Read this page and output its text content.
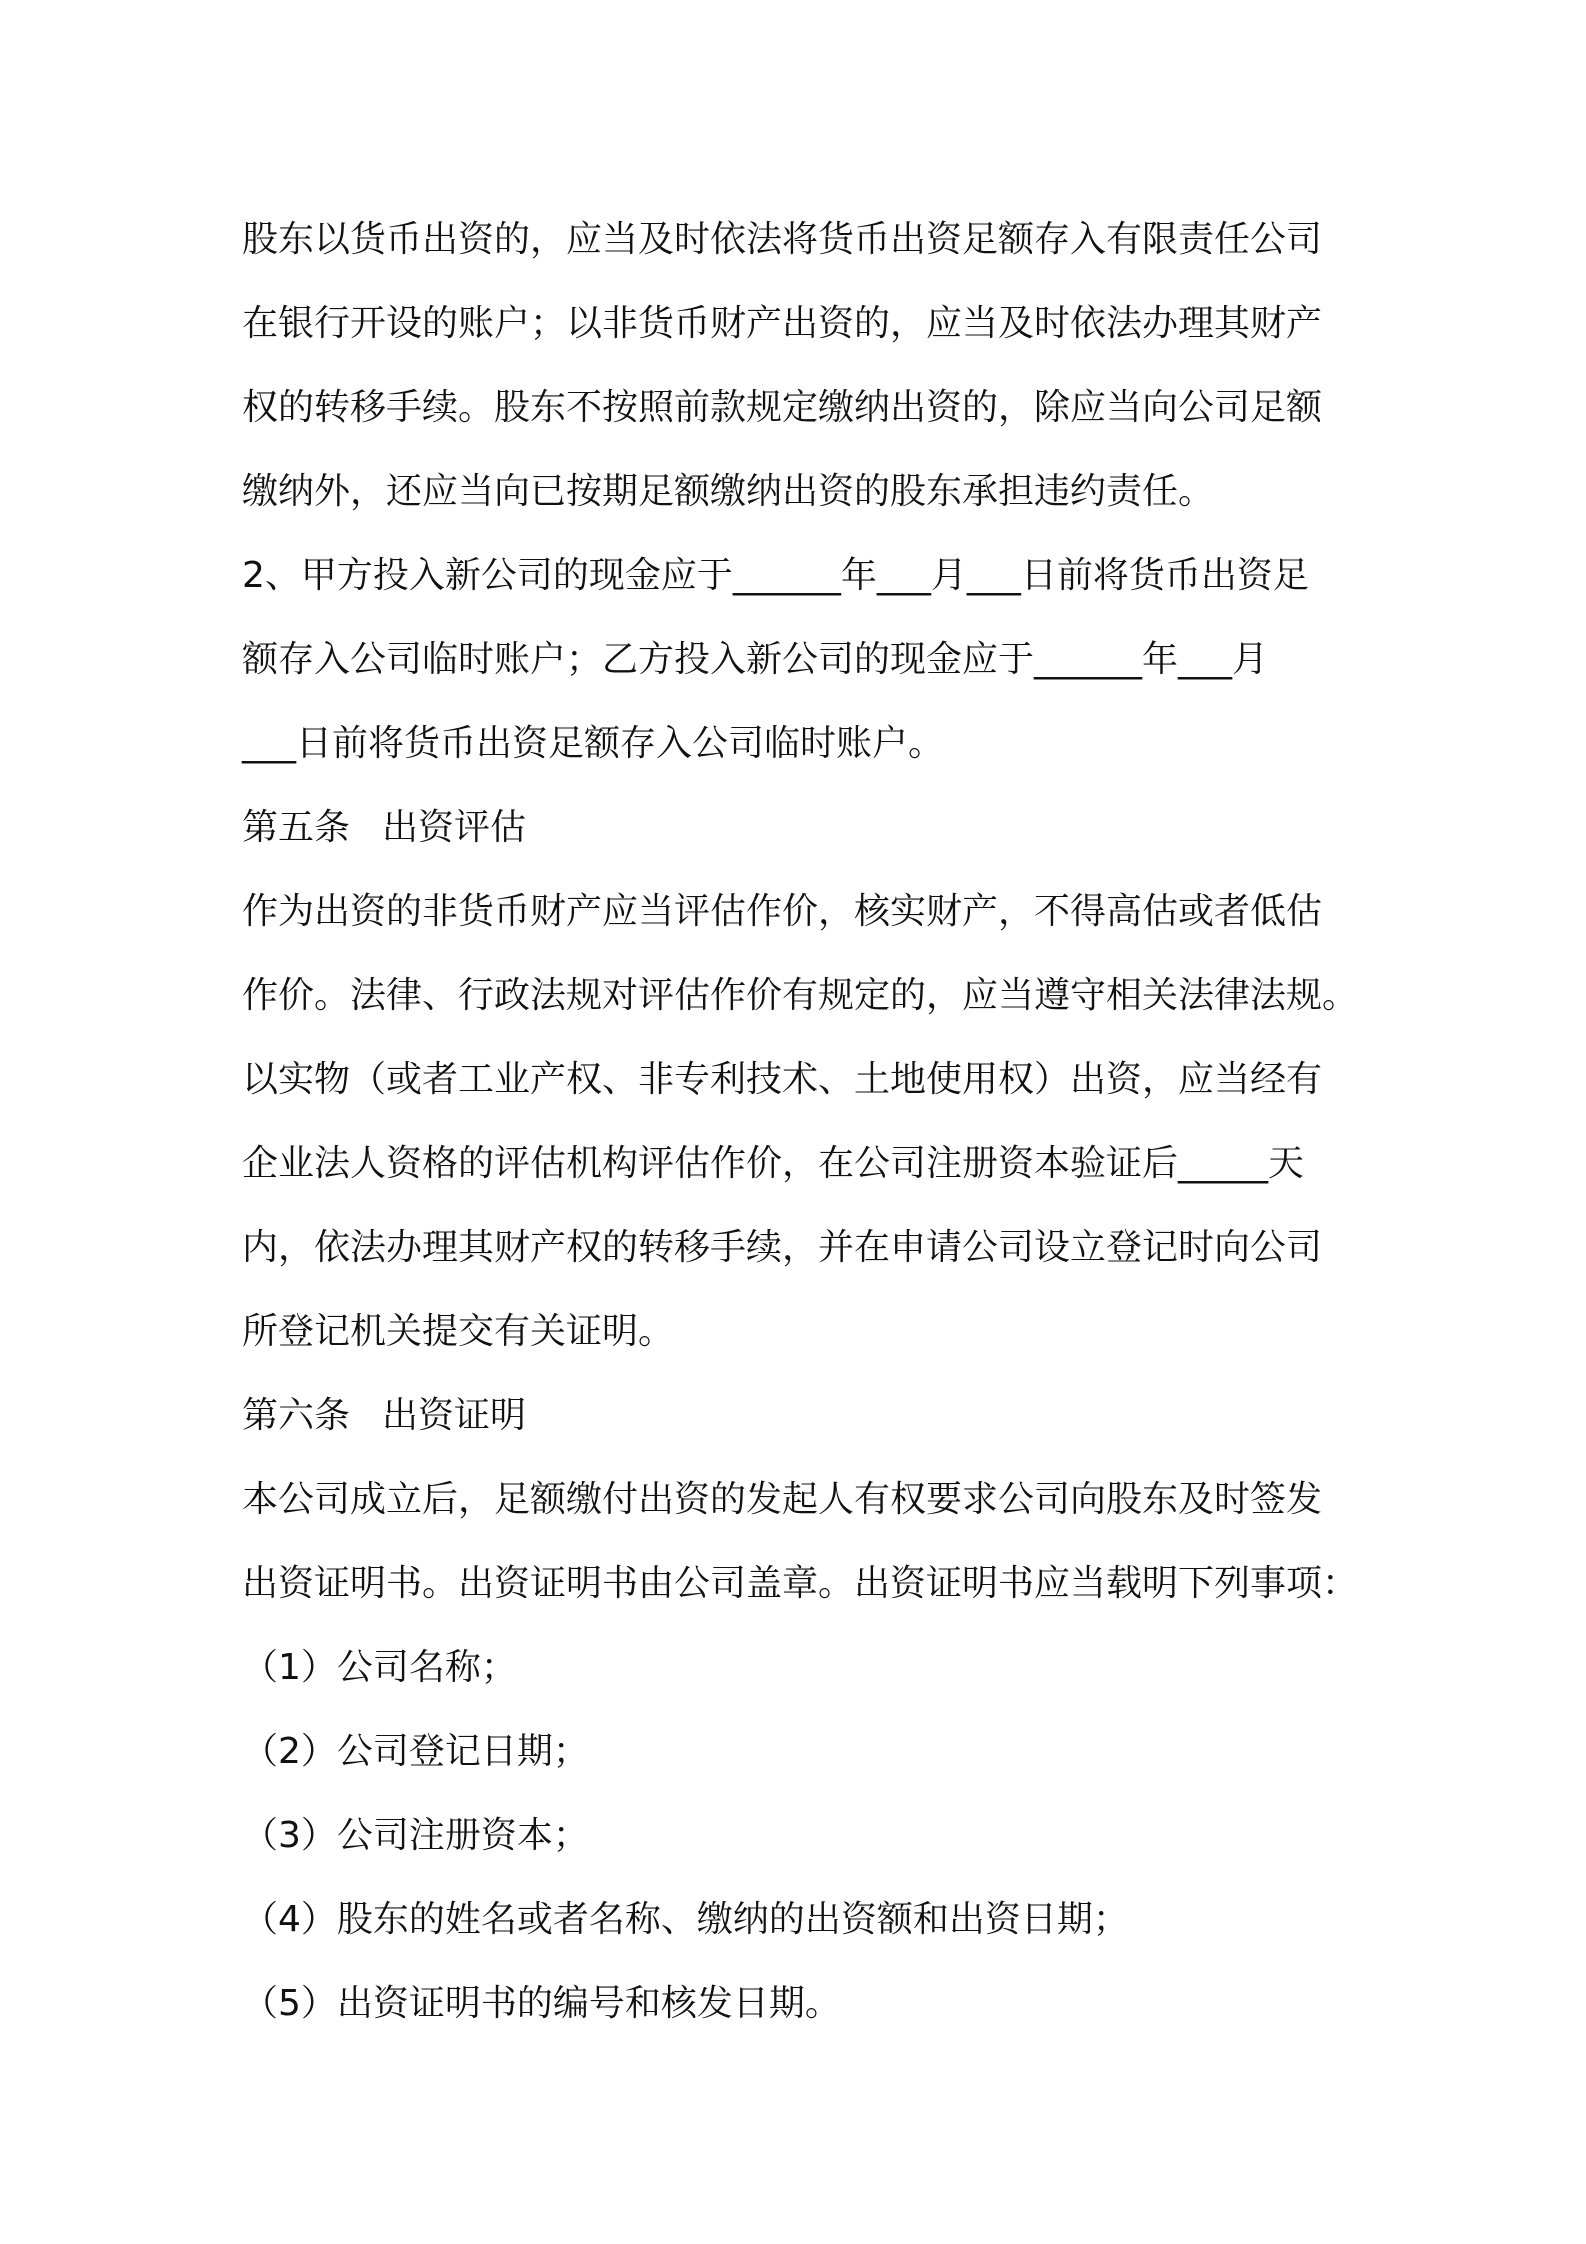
股东以货币出资的，应当及时依法将货币出资足额存入有限责任公司
在银行开设的账户；以非货币财产出资的，应当及时依法办理其财产
权的转移手续。股东不按照前款规定缴纳出资的，除应当向公司足额
缴纳外，还应当向已按期足额缴纳出资的股东承担违约责任。
2、甲方投入新公司的现金应于______年___月___日前将货币出资足
额存入公司临时账户；乙方投入新公司的现金应于______年___月
___日前将货币出资足额存入公司临时账户。
第五条 出资评估
作为出资的非货币财产应当评估作价，核实财产，不得高估或者低估
作价。法律、行政法规对评估作价有规定的，应当遵守相关法律法规。
以实物（或者工业产权、非专利技术、土地使用权）出资，应当经有
企业法人资格的评估机构评估作价，在公司注册资本验证后_____天
内，依法办理其财产权的转移手续，并在申请公司设立登记时向公司
所登记机关提交有关证明。
第六条 出资证明
本公司成立后，足额缴付出资的发起人有权要求公司向股东及时签发
出资证明书。出资证明书由公司盖章。出资证明书应当载明下列事项：
（1）公司名称；
（2）公司登记日期；
（3）公司注册资本；
（4）股东的姓名或者名称、缴纳的出资额和出资日期；
（5）出资证明书的编号和核发日期。
